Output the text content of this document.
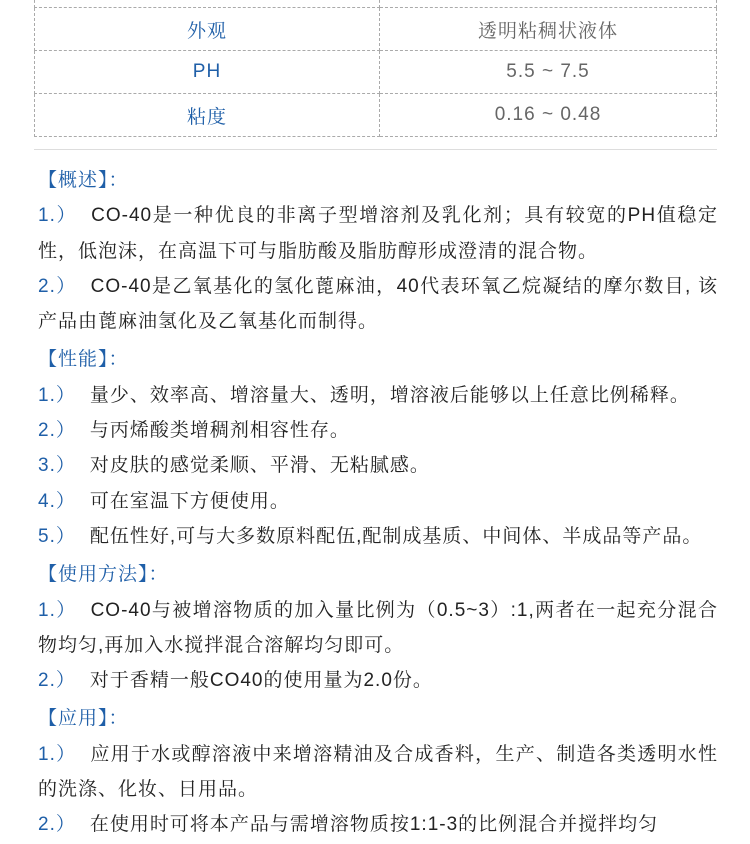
外观	透明粘稠状液体
PH	5.5 ~ 7.5
粘度	0.16 ~ 0.48
【概述】：
1.） CO-40是一种优良的非离子型增溶剂及乳化剂；具有较宽的PH值稳定性，低泡沫，在高温下可与脂肪酸及脂肪醇形成澄清的混合物。
2.） CO-40是乙氧基化的氢化蓖麻油，40代表环氧乙烷凝结的摩尔数目, 该产品由蓖麻油氢化及乙氧基化而制得。
【性能】：
1.） 量少、效率高、增溶量大、透明，增溶液后能够以上任意比例稀释。
2.） 与丙烯酸类增稠剂相容性存。
3.） 对皮肤的感觉柔顺、平滑、无粘腻感。
4.） 可在室温下方便使用。
5.） 配伍性好,可与大多数原料配伍,配制成基质、中间体、半成品等产品。
【使用方法】：
1.） CO-40与被增溶物质的加入量比例为（0.5~3）:1,两者在一起充分混合物均匀,再加入水搅拌混合溶解均匀即可。
2.） 对于香精一般CO40的使用量为2.0份。
【应用】：
1.） 应用于水或醇溶液中来增溶精油及合成香料，生产、制造各类透明水性的洗涤、化妆、日用品。
2.） 在使用时可将本产品与需增溶物质按1:1-3的比例混合并搅拌均匀
